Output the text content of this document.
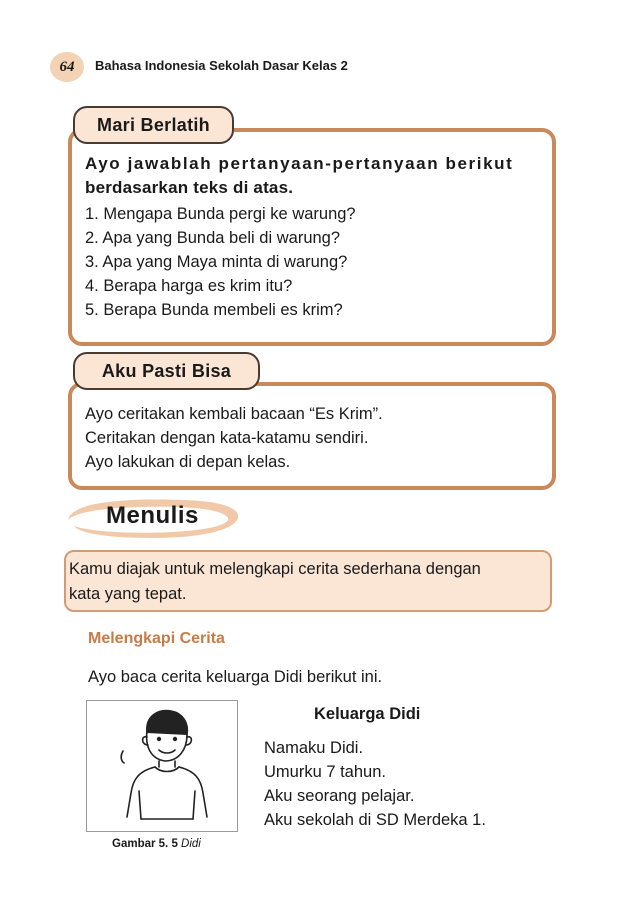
64 Bahasa Indonesia Sekolah Dasar Kelas 2
Mari Berlatih
Ayo jawablah pertanyaan-pertanyaan berikut
berdasarkan teks di atas.
1. Mengapa Bunda pergi ke warung?
2. Apa yang Bunda beli di warung?
3. Apa yang Maya minta di warung?
4. Berapa harga es krim itu?
5. Berapa Bunda membeli es krim?
Aku Pasti Bisa
Ayo ceritakan kembali bacaan “Es Krim”.
Ceritakan dengan kata-katamu sendiri.
Ayo lakukan di depan kelas.
Menulis
Kamu diajak untuk melengkapi cerita sederhana dengan
kata yang tepat.
Melengkapi Cerita
Ayo baca cerita keluarga Didi berikut ini.
Gambar 5. 5 Didi
Keluarga Didi
Namaku Didi.
Umurku 7 tahun.
Aku seorang pelajar.
Aku sekolah di SD Merdeka 1.
